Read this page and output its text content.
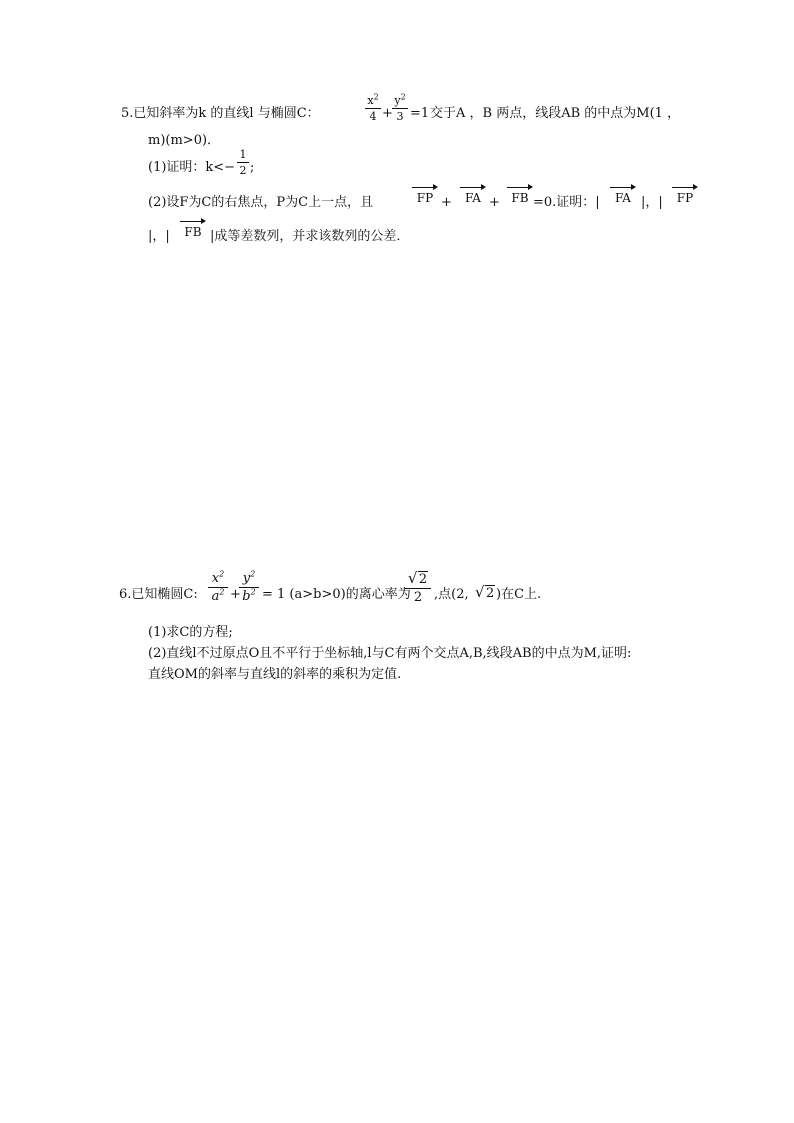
5.已知斜率为k 的直线l 与椭圆C：
$x^2$
4 +
$y^2$
3 =1 交于A ，B 两点，线段AB 的中点为M(1 ，
m)(m>0)．
(1)证明：k<−
1
2 ;
(2)设F为C的右焦点，P为C上一点，且	FP +	FA + FB =0.证明：|	FA |，|	FP
|，|	FB |成等差数列，并求该数列的公差．
6.已知椭圆C:
$x^2$
$a^2$ +
$y^2$
$b^2 = 1$ (a>b>0)的离心率为
√ 2
2 ,点(2, √ 2 )在C上.
(1)求C的方程;
(2)直线l不过原点O且不平行于坐标轴,l与C有两个交点A,B,线段AB的中点为M,证明:
直线OM的斜率与直线l的斜率的乘积为定值.
